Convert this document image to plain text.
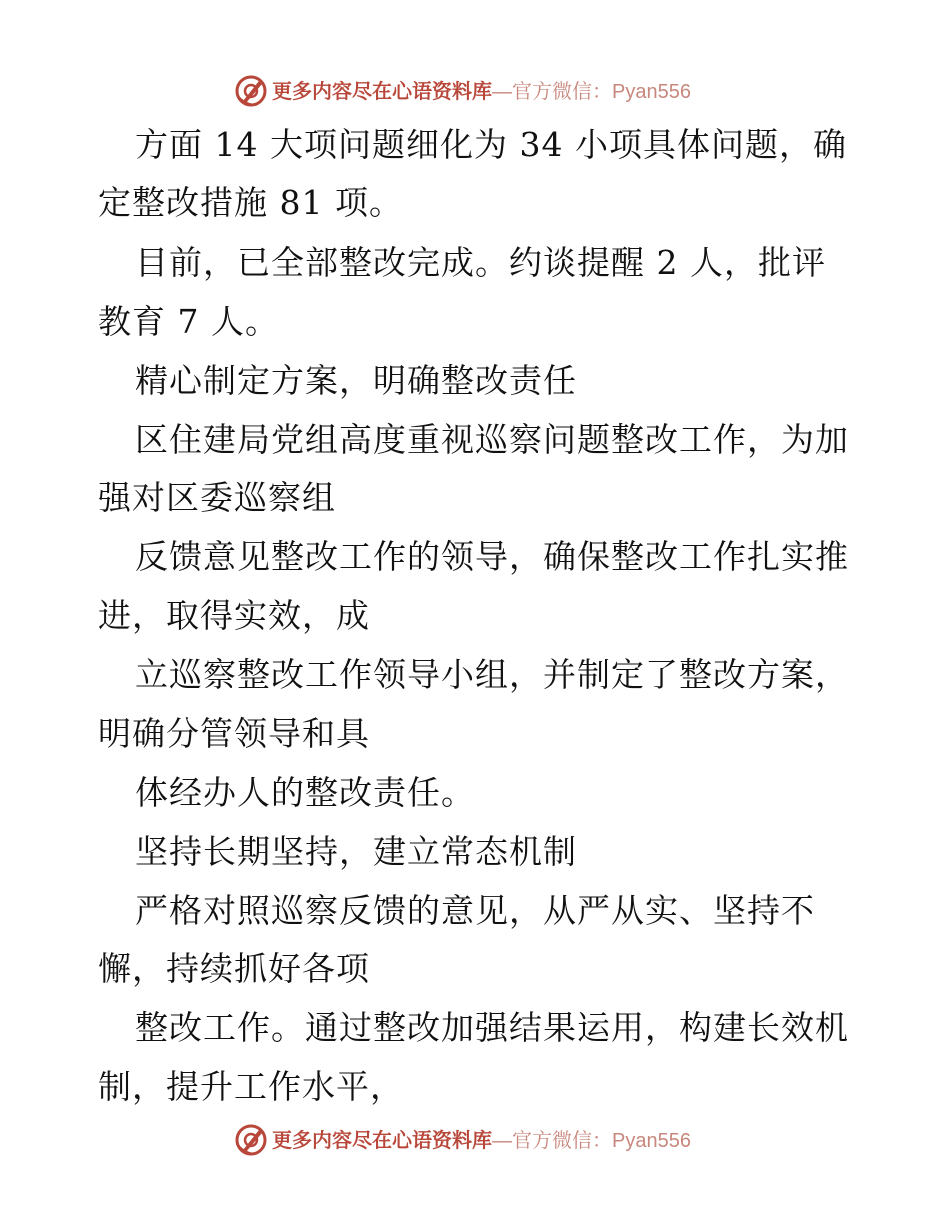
更多内容尽在心语资料库—官方微信：Pyan556
方面 14 大项问题细化为 34 小项具体问题，确
定整改措施 81 项。
目前，已全部整改完成。约谈提醒 2 人，批评
教育 7 人。
精心制定方案，明确整改责任
区住建局党组高度重视巡察问题整改工作，为加
强对区委巡察组
反馈意见整改工作的领导，确保整改工作扎实推
进，取得实效，成
立巡察整改工作领导小组，并制定了整改方案，
明确分管领导和具
体经办人的整改责任。
坚持长期坚持，建立常态机制
严格对照巡察反馈的意见，从严从实、坚持不
懈，持续抓好各项
整改工作。通过整改加强结果运用，构建长效机
制，提升工作水平，
更多内容尽在心语资料库—官方微信：Pyan556
